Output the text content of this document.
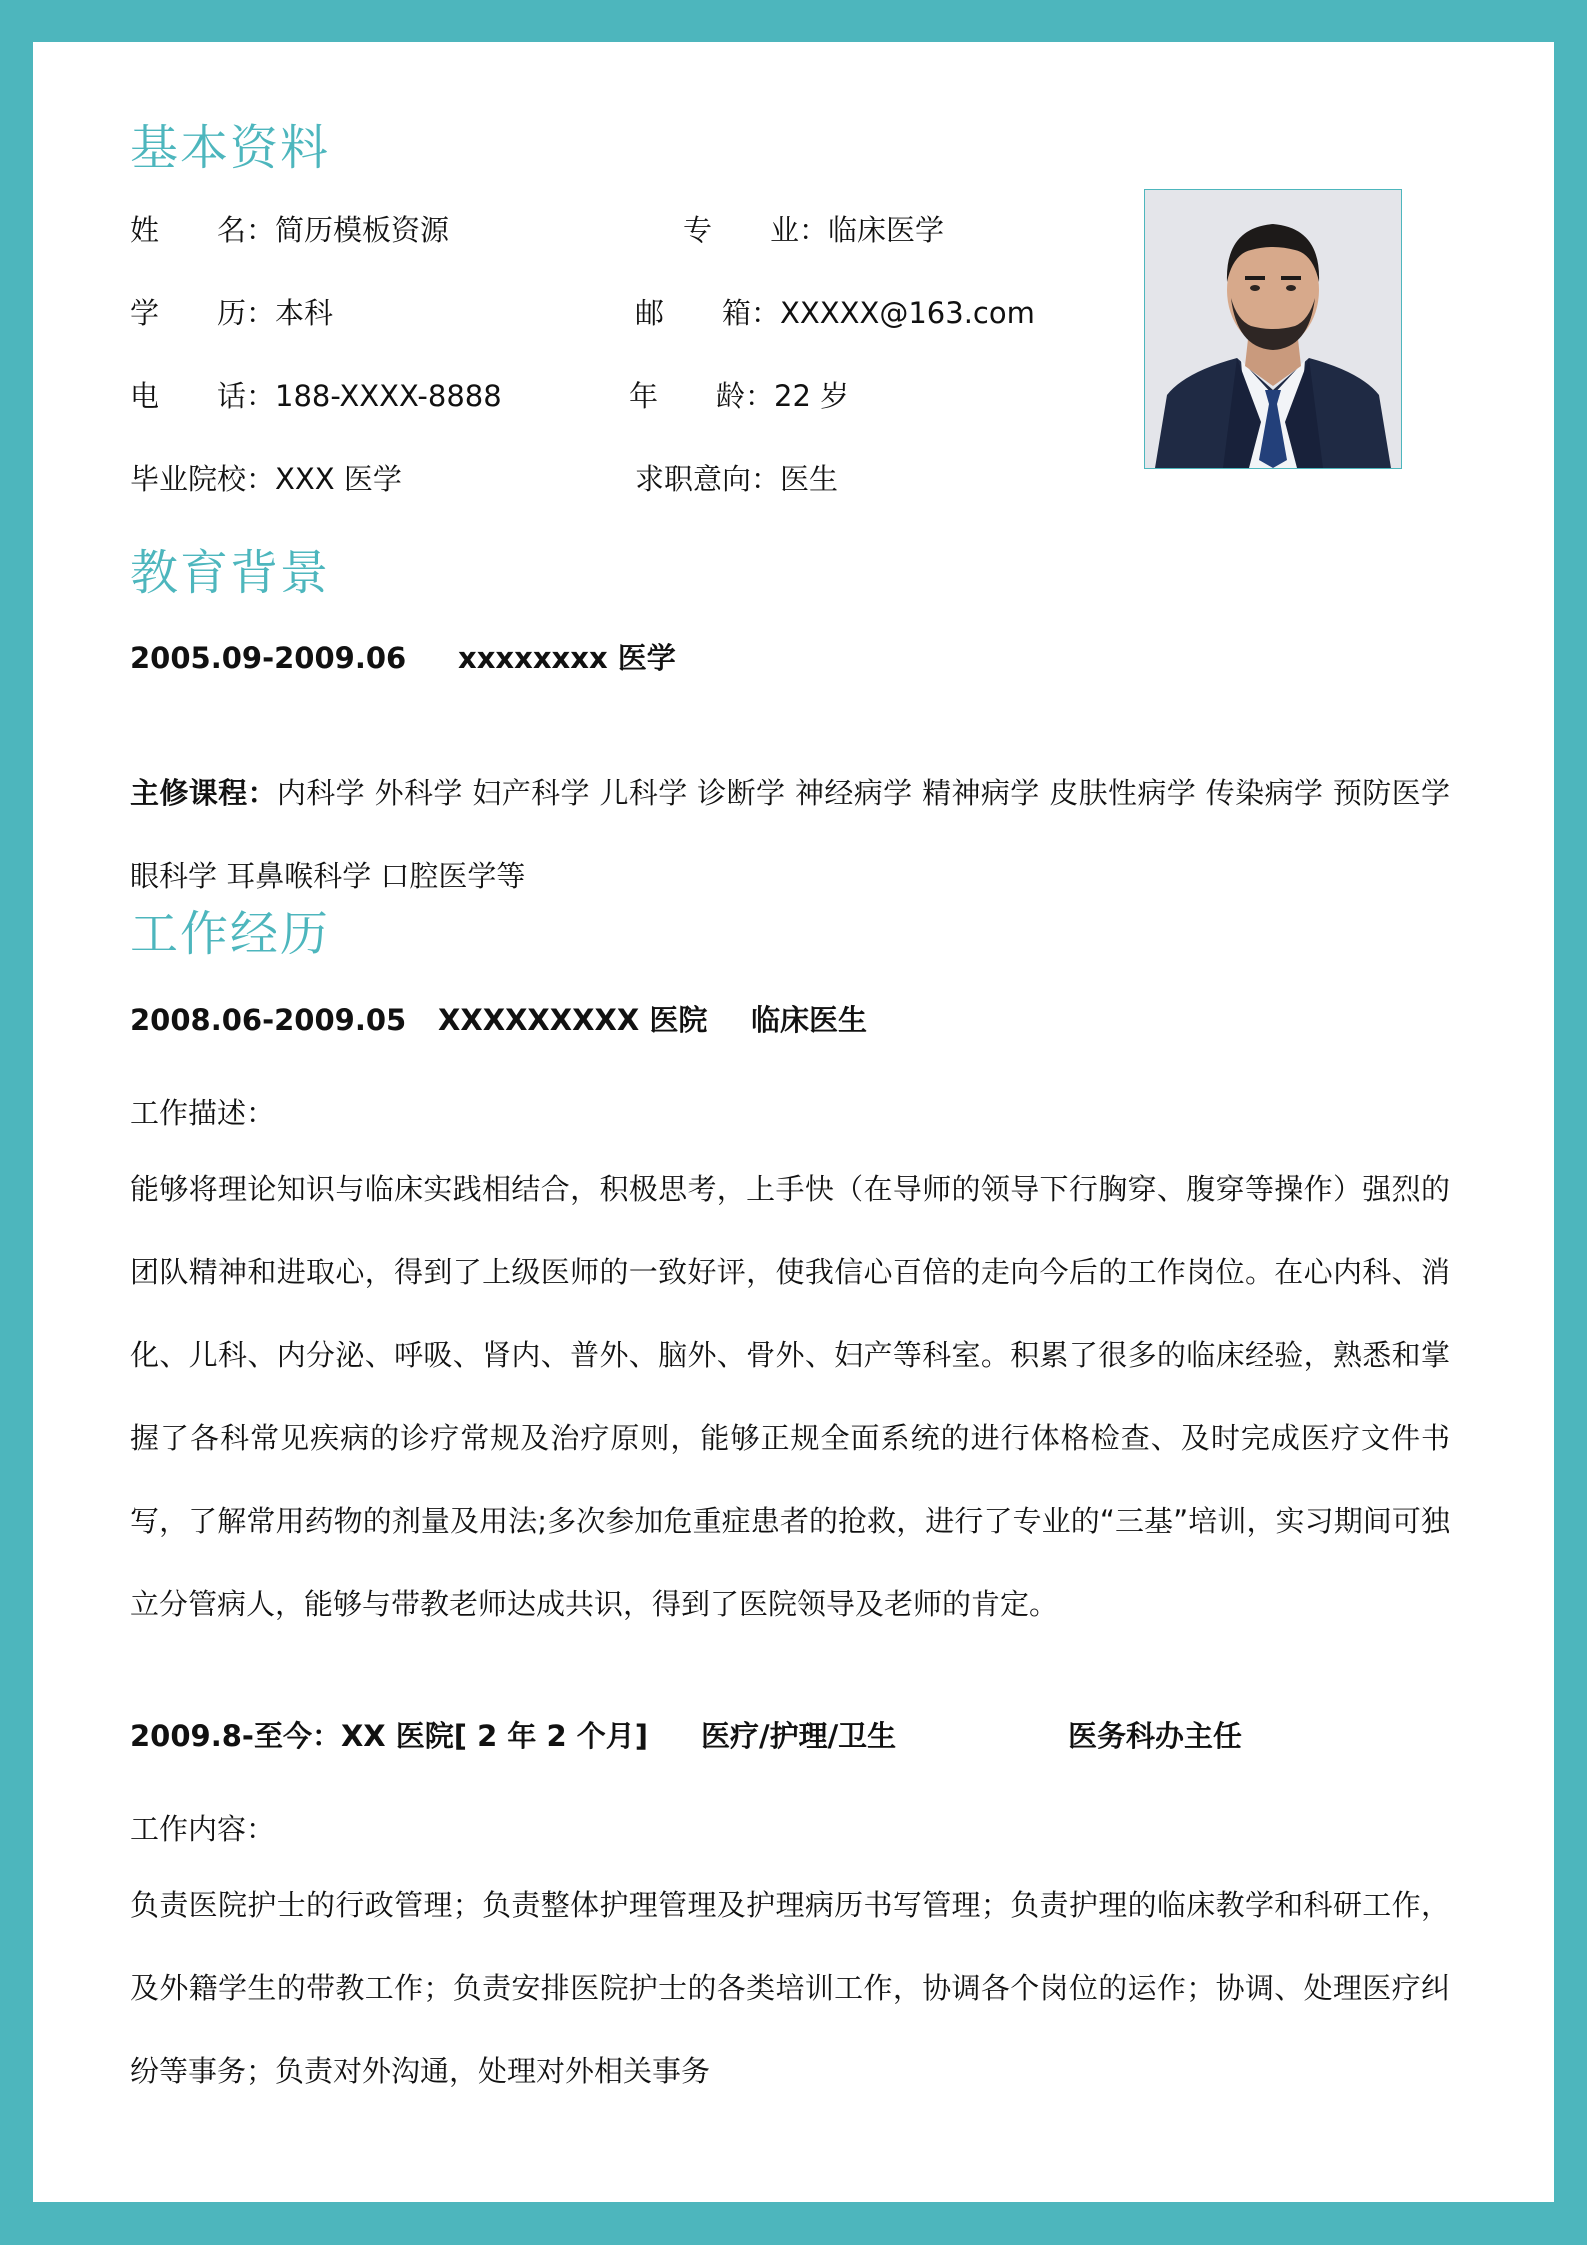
基本资料
姓　　名：简历模板资源	专　　业：临床医学
学　　历：本科	邮　　箱：XXXXX@163.com
电　　话：188-XXXX-8888	年　　龄：22 岁
毕业院校：XXX 医学	求职意向：医生
教育背景
2005.09-2009.06 xxxxxxxx 医学
主修课程：内科学 外科学 妇产科学 儿科学 诊断学 神经病学 精神病学 皮肤性病学 传染病学 预防医学 眼科学 耳鼻喉科学 口腔医学等
工作经历
2008.06-2009.05 XXXXXXXXX 医院 临床医生
工作描述：
能够将理论知识与临床实践相结合，积极思考，上手快（在导师的领导下行胸穿、腹穿等操作）强烈的团队精神和进取心，得到了上级医师的一致好评，使我信心百倍的走向今后的工作岗位。在心内科、消化、儿科、内分泌、呼吸、肾内、普外、脑外、骨外、妇产等科室。积累了很多的临床经验，熟悉和掌握了各科常见疾病的诊疗常规及治疗原则，能够正规全面系统的进行体格检查、及时完成医疗文件书写，了解常用药物的剂量及用法;多次参加危重症患者的抢救，进行了专业的“三基”培训，实习期间可独立分管病人，能够与带教老师达成共识，得到了医院领导及老师的肯定。
2009.8-至今：XX 医院[ 2 年 2 个月] 医疗/护理/卫生	医务科办主任
工作内容：
负责医院护士的行政管理；负责整体护理管理及护理病历书写管理；负责护理的临床教学和科研工作，及外籍学生的带教工作；负责安排医院护士的各类培训工作，协调各个岗位的运作；协调、处理医疗纠纷等事务；负责对外沟通，处理对外相关事务
